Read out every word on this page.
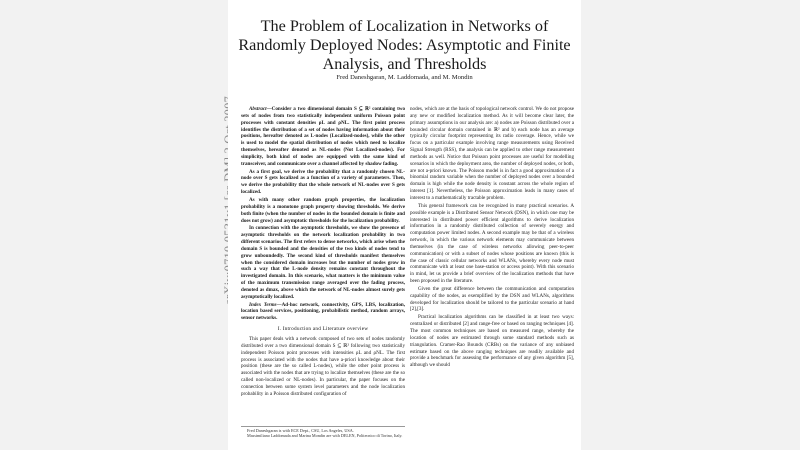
The Problem of Localization in Networks of Randomly Deployed Nodes: Asymptotic and Finite Analysis, and Thresholds
Fred Daneshgaran, M. Laddomada, and M. Mondin

Abstract—Consider a two dimensional domain S ⊆ ℝ² containing two sets of nodes from two statistically independent uniform Poisson point processes with constant densities ρL and ρNL. The first point process identifies the distribution of a set of nodes having information about their positions, hereafter denoted as L-nodes (Localized-nodes), while the other is used to model the spatial distribution of nodes which need to localize themselves, hereafter denoted as NL-nodes (Not Localized-nodes). For simplicity, both kind of nodes are equipped with the same kind of transceiver, and communicate over a channel affected by shadow fading.

As a first goal, we derive the probability that a randomly chosen NL-node over S gets localized as a function of a variety of parameters. Then, we derive the probability that the whole network of NL-nodes over S gets localized.

As with many other random graph properties, the localization probability is a monotone graph property showing thresholds. We derive both finite (when the number of nodes in the bounded domain is finite and does not grow) and asymptotic thresholds for the localization probability.

In connection with the asymptotic thresholds, we show the presence of asymptotic thresholds on the network localization probability in two different scenarios. The first refers to dense networks, which arise when the domain S is bounded and the densities of the two kinds of nodes tend to grow unboundedly. The second kind of thresholds manifest themselves when the considered domain increases but the number of nodes grow in such a way that the L-node density remains constant throughout the investigated domain. In this scenario, what matters is the minimum value of the maximum transmission range averaged over the fading process, denoted as dmax, above which the network of NL-nodes almost surely gets asymptotically localized.

Index Terms—Ad-hoc network, connectivity, GPS, LBS, localization, location based services, positioning, probabilistic method, random arrays, sensor networks.

I. Introduction and Literature overview

This paper deals with a network composed of two sets of nodes randomly distributed over a two dimensional domain S ⊆ ℝ² following two statistically independent Poisson point processes with intensities ρL and ρNL. The first process is associated with the nodes that have a-priori knowledge about their position (these are the so called L-nodes), while the other point process is associated with the nodes that are trying to localize themselves (these are the so called non-localized or NL-nodes). In particular, the paper focuses on the connection between some system level parameters and the node localization probability in a Poisson distributed configuration of

Fred Daneshgaran is with ECE Dept., CSU, Los Angeles, USA.
Massimiliano Laddomada and Marina Mondin are with DELEN, Politecnico di Torino, Italy.

nodes, which are at the basis of topological network control. We do not propose any new or modified localization method. As it will become clear later, the primary assumptions in our analysis are: a) nodes are Poisson distributed over a bounded circular domain contained in ℝ² and b) each node has an average typically circular footprint representing its radio coverage. Hence, while we focus on a particular example involving range measurements using Received Signal Strength (RSS), the analysis can be applied to other range measurement methods as well. Notice that Poisson point processes are useful for modelling scenarios in which the deployment area, the number of deployed nodes, or both, are not a-priori known. The Poisson model is in fact a good approximation of a binomial random variable when the number of deployed nodes over a bounded domain is high while the node density is constant across the whole region of interest [1]. Nevertheless, the Poisson approximation leads in many cases of interest to a mathematically tractable problem.

This general framework can be recognized in many practical scenarios. A possible example is a Distributed Sensor Network (DSN), in which one may be interested in distributed power efficient algorithms to derive localization information in a randomly distributed collection of severely energy and computation power limited nodes. A second example may be that of a wireless network, in which the various network elements may communicate between themselves (in the case of wireless networks allowing peer-to-peer communication) or with a subset of nodes whose positions are known (this is the case of classic cellular networks and WLANs, whereby every node must communicate with at least one base-station or access point). With this scenario in mind, let us provide a brief overview of the localization methods that have been proposed in the literature.

Given the great difference between the communication and computation capability of the nodes, as exemplified by the DSN and WLANs, algorithms developed for localization should be tailored to the particular scenario at hand [2],[3].

Practical localization algorithms can be classified in at least two ways: centralized or distributed [2] and range-free or based on ranging techniques [4]. The most common techniques are based on measured range, whereby the location of nodes are estimated through some standard methods such as triangulation. Cramer-Rao Bounds (CRBs) on the variance of any unbiased estimate based on the above ranging techniques are readily available and provide a benchmark for assessing the performance of any given algorithm [5], although we should
